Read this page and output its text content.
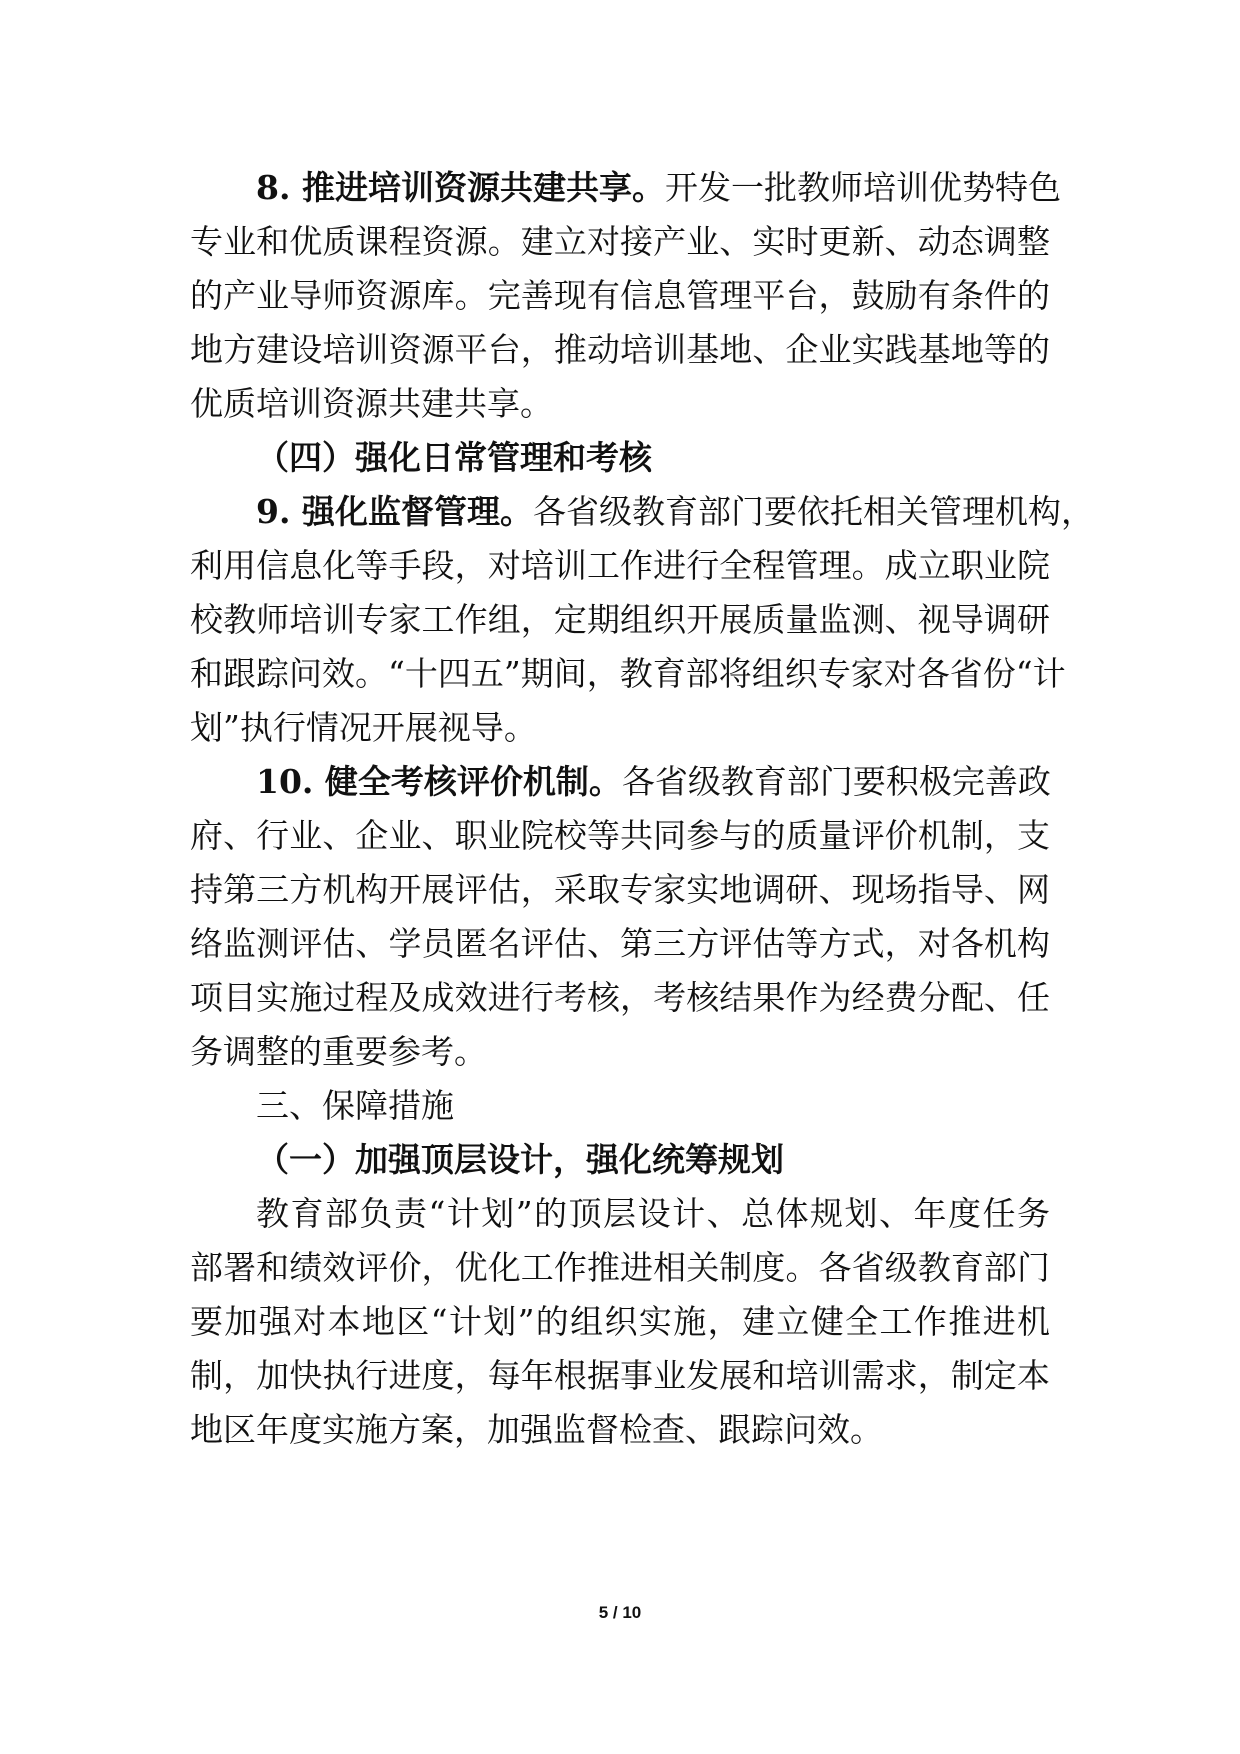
8. 推进培训资源共建共享。开发一批教师培训优势特色
专业和优质课程资源。建立对接产业、实时更新、动态调整
的产业导师资源库。完善现有信息管理平台，鼓励有条件的
地方建设培训资源平台，推动培训基地、企业实践基地等的
优质培训资源共建共享。
（四）强化日常管理和考核
9. 强化监督管理。各省级教育部门要依托相关管理机构，
利用信息化等手段，对培训工作进行全程管理。成立职业院
校教师培训专家工作组，定期组织开展质量监测、视导调研
和跟踪问效。“十四五”期间，教育部将组织专家对各省份“计
划”执行情况开展视导。
10. 健全考核评价机制。各省级教育部门要积极完善政
府、行业、企业、职业院校等共同参与的质量评价机制，支
持第三方机构开展评估，采取专家实地调研、现场指导、网
络监测评估、学员匿名评估、第三方评估等方式，对各机构
项目实施过程及成效进行考核，考核结果作为经费分配、任
务调整的重要参考。
三、保障措施
（一）加强顶层设计，强化统筹规划
教育部负责“计划”的顶层设计、总体规划、年度任务
部署和绩效评价，优化工作推进相关制度。各省级教育部门
要加强对本地区“计划”的组织实施，建立健全工作推进机
制，加快执行进度，每年根据事业发展和培训需求，制定本
地区年度实施方案，加强监督检查、跟踪问效。
5 / 10
